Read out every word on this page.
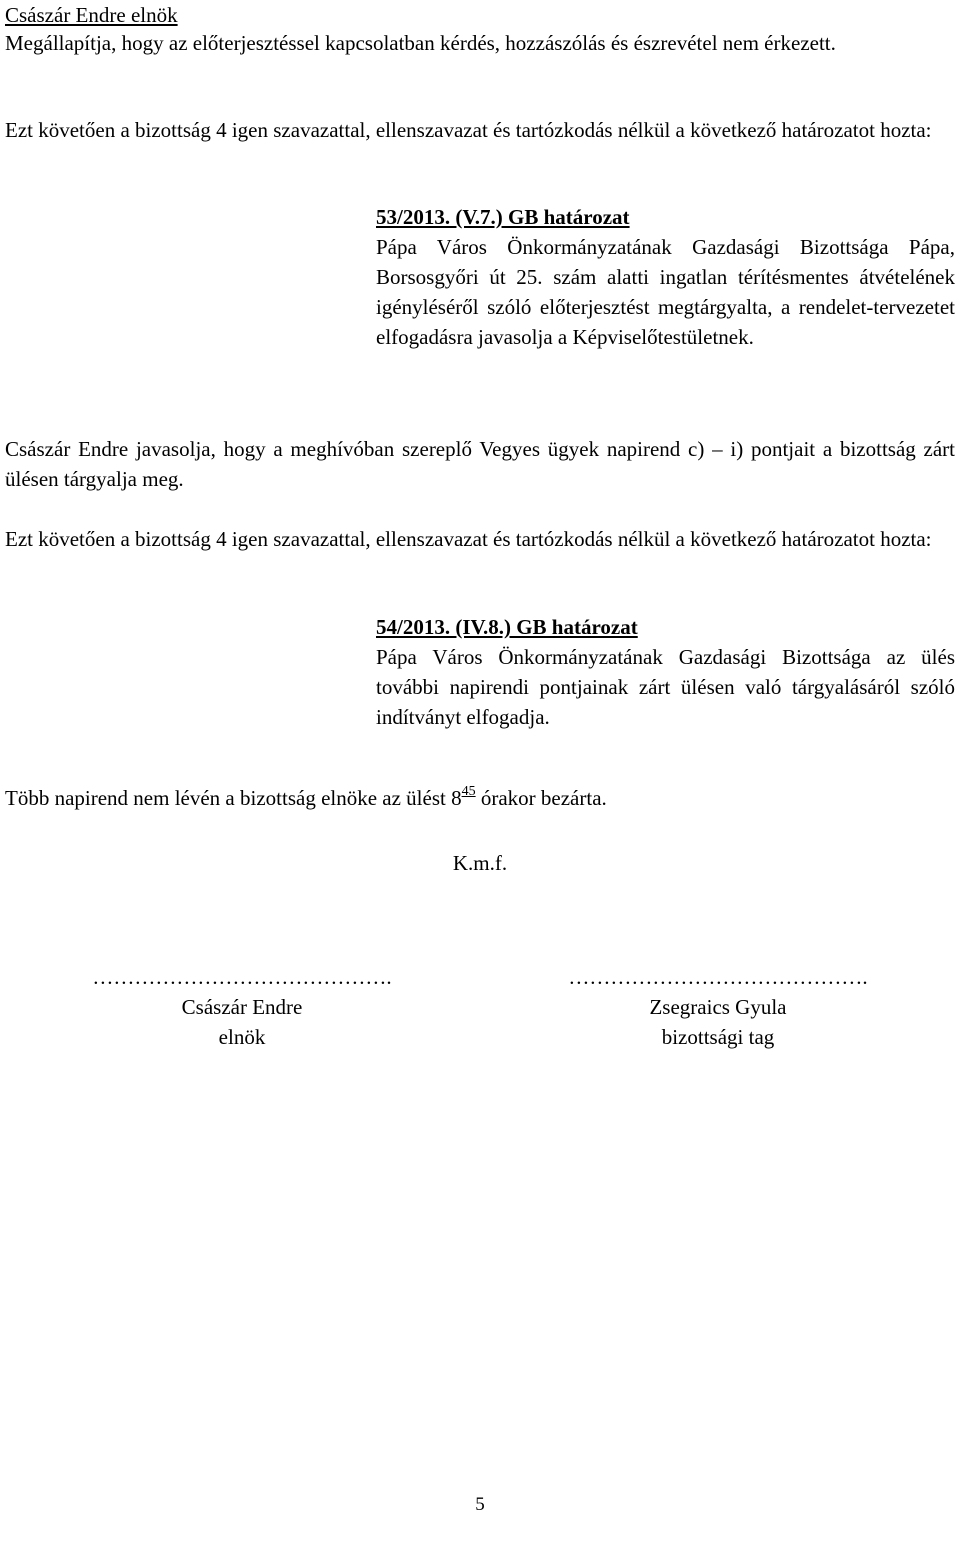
Császár Endre elnök

Megállapítja, hogy az előterjesztéssel kapcsolatban kérdés, hozzászólás és észrevétel nem érkezett.

Ezt követően a bizottság 4 igen szavazattal, ellenszavazat és tartózkodás nélkül a következő határozatot hozta:

53/2013. (V.7.) GB határozat

Pápa Város Önkormányzatának Gazdasági Bizottsága Pápa, Borsosgyőri út 25. szám alatti ingatlan térítésmentes átvételének igényléséről szóló előterjesztést megtárgyalta, a rendelet-tervezetet elfogadásra javasolja a Képviselőtestületnek.

Császár Endre javasolja, hogy a meghívóban szereplő Vegyes ügyek napirend c) – i) pontjait a bizottság zárt ülésen tárgyalja meg.

Ezt követően a bizottság 4 igen szavazattal, ellenszavazat és tartózkodás nélkül a következő határozatot hozta:

54/2013. (IV.8.) GB határozat

Pápa Város Önkormányzatának Gazdasági Bizottsága az ülés további napirendi pontjainak zárt ülésen való tárgyalásáról szóló indítványt elfogadja.

Több napirend nem lévén a bizottság elnöke az ülést $8^{45}$ órakor bezárta.

K.m.f.

…………………………………….

Császár Endre

elnök

…………………………………….

Zsegraics Gyula

bizottsági tag

5
